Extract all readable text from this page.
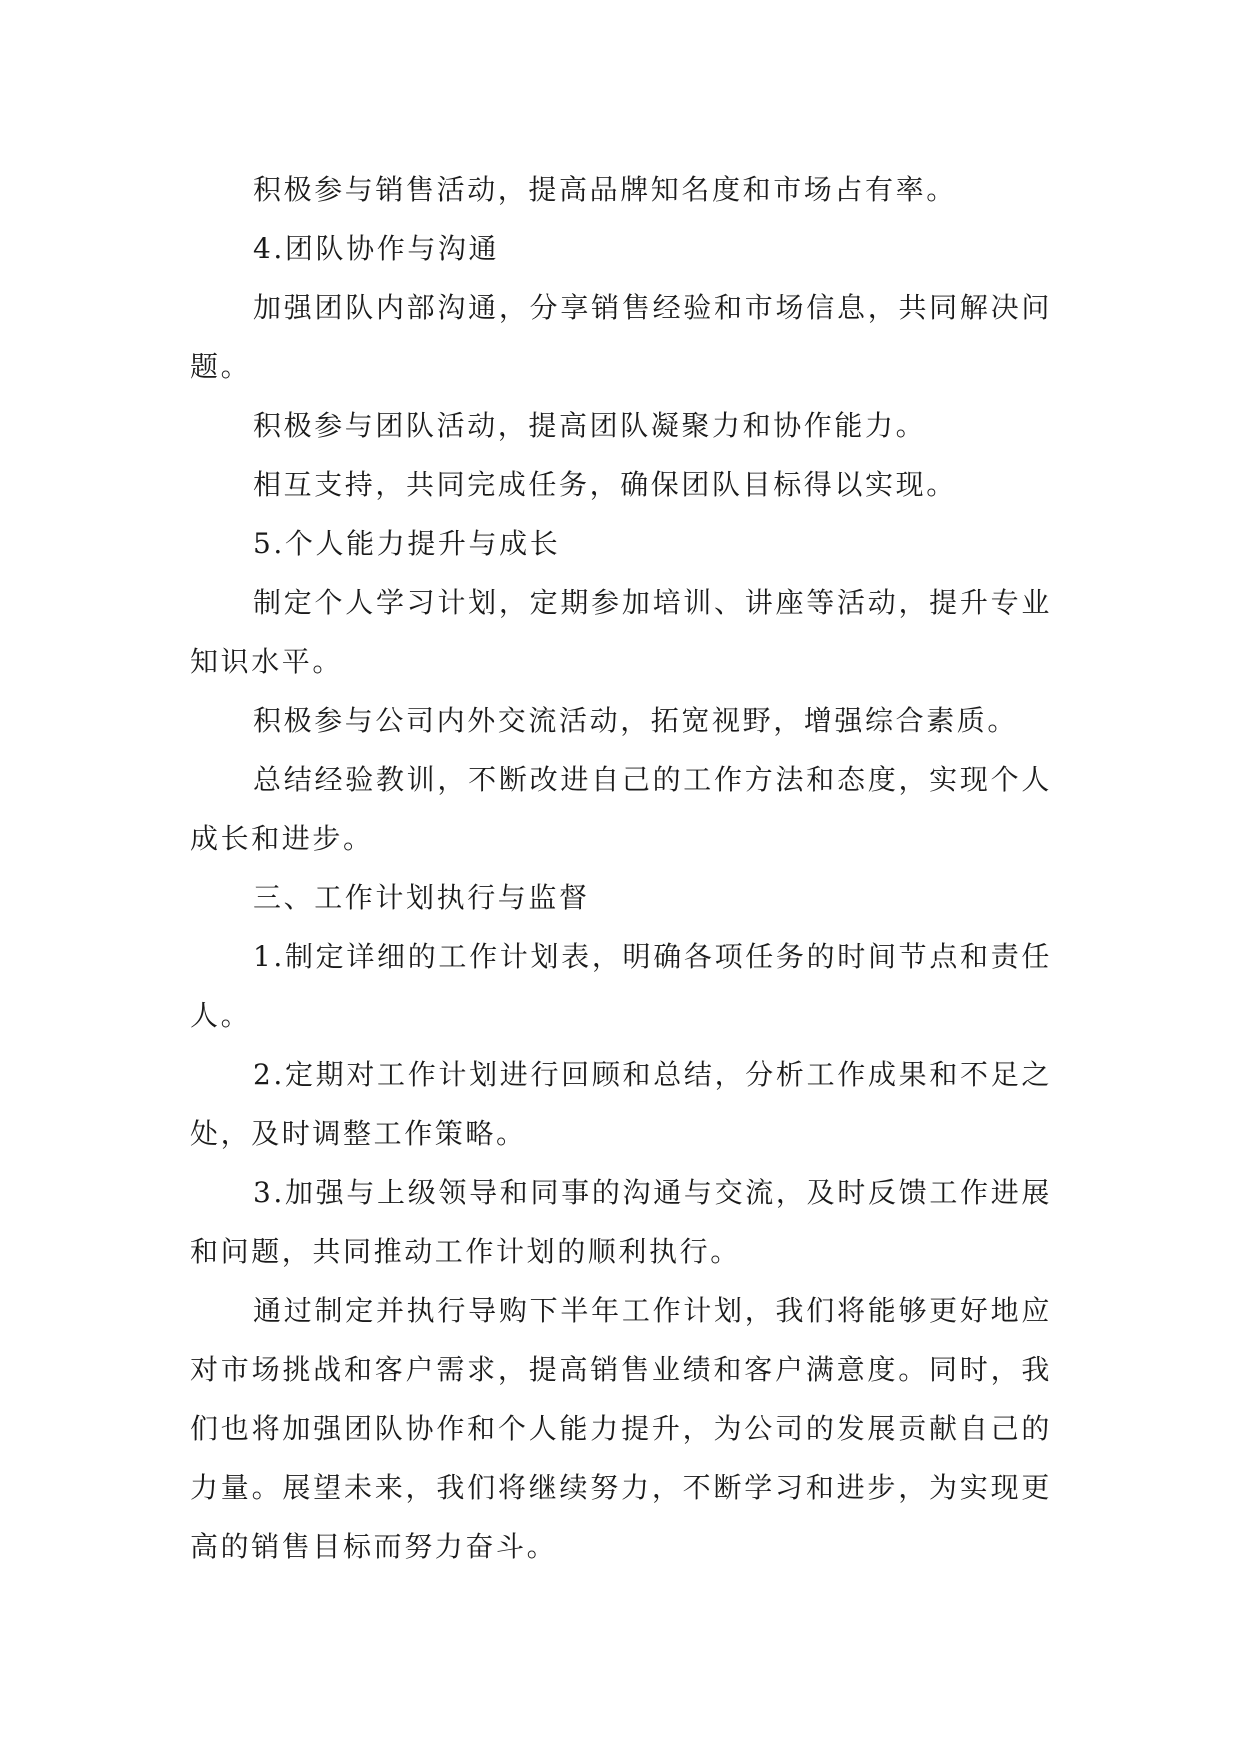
积极参与销售活动，提高品牌知名度和市场占有率。

4.团队协作与沟通

加强团队内部沟通，分享销售经验和市场信息，共同解决问题。

积极参与团队活动，提高团队凝聚力和协作能力。

相互支持，共同完成任务，确保团队目标得以实现。

5.个人能力提升与成长

制定个人学习计划，定期参加培训、讲座等活动，提升专业知识水平。

积极参与公司内外交流活动，拓宽视野，增强综合素质。

总结经验教训，不断改进自己的工作方法和态度，实现个人成长和进步。

三、工作计划执行与监督

1.制定详细的工作计划表，明确各项任务的时间节点和责任人。

2.定期对工作计划进行回顾和总结，分析工作成果和不足之处，及时调整工作策略。

3.加强与上级领导和同事的沟通与交流，及时反馈工作进展和问题，共同推动工作计划的顺利执行。

通过制定并执行导购下半年工作计划，我们将能够更好地应对市场挑战和客户需求，提高销售业绩和客户满意度。同时，我们也将加强团队协作和个人能力提升，为公司的发展贡献自己的力量。展望未来，我们将继续努力，不断学习和进步，为实现更高的销售目标而努力奋斗。
